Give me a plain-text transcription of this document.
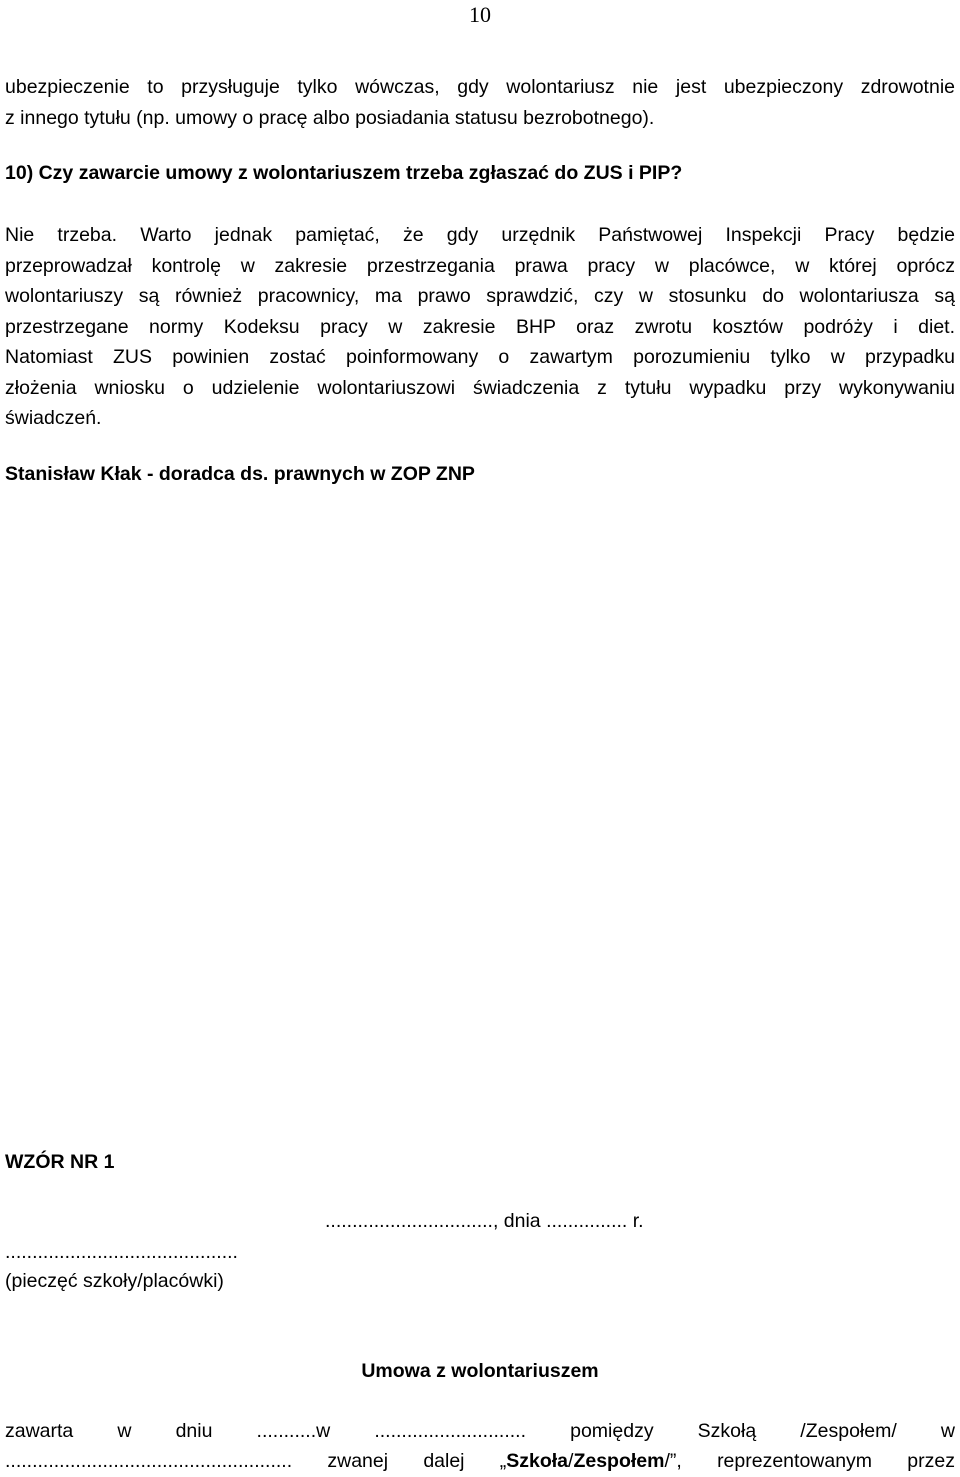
10
ubezpieczenie to przysługuje tylko wówczas, gdy wolontariusz nie jest ubezpieczony zdrowotnie
z innego tytułu (np. umowy o pracę albo posiadania statusu bezrobotnego).
10) Czy zawarcie umowy z wolontariuszem trzeba zgłaszać do ZUS i PIP?
Nie trzeba. Warto jednak pamiętać, że gdy urzędnik Państwowej Inspekcji Pracy będzie
przeprowadzał kontrolę w zakresie przestrzegania prawa pracy w placówce, w której oprócz
wolontariuszy są również pracownicy, ma prawo sprawdzić, czy w stosunku do wolontariusza są
przestrzegane normy Kodeksu pracy w zakresie BHP oraz zwrotu kosztów podróży i diet.
Natomiast ZUS powinien zostać poinformowany o zawartym porozumieniu tylko w przypadku
złożenia wniosku o udzielenie wolontariuszowi świadczenia z tytułu wypadku przy wykonywaniu
świadczeń.
Stanisław Kłak - doradca ds. prawnych w ZOP ZNP
WZÓR NR 1
..............................., dnia ............... r.
...........................................
(pieczęć szkoły/placówki)
Umowa z wolontariuszem
zawarta w dniu ...........w ............................ pomiędzy Szkołą /Zespołem/ w
..................................................... zwanej dalej „Szkoła/Zespołem/”, reprezentowanym przez
